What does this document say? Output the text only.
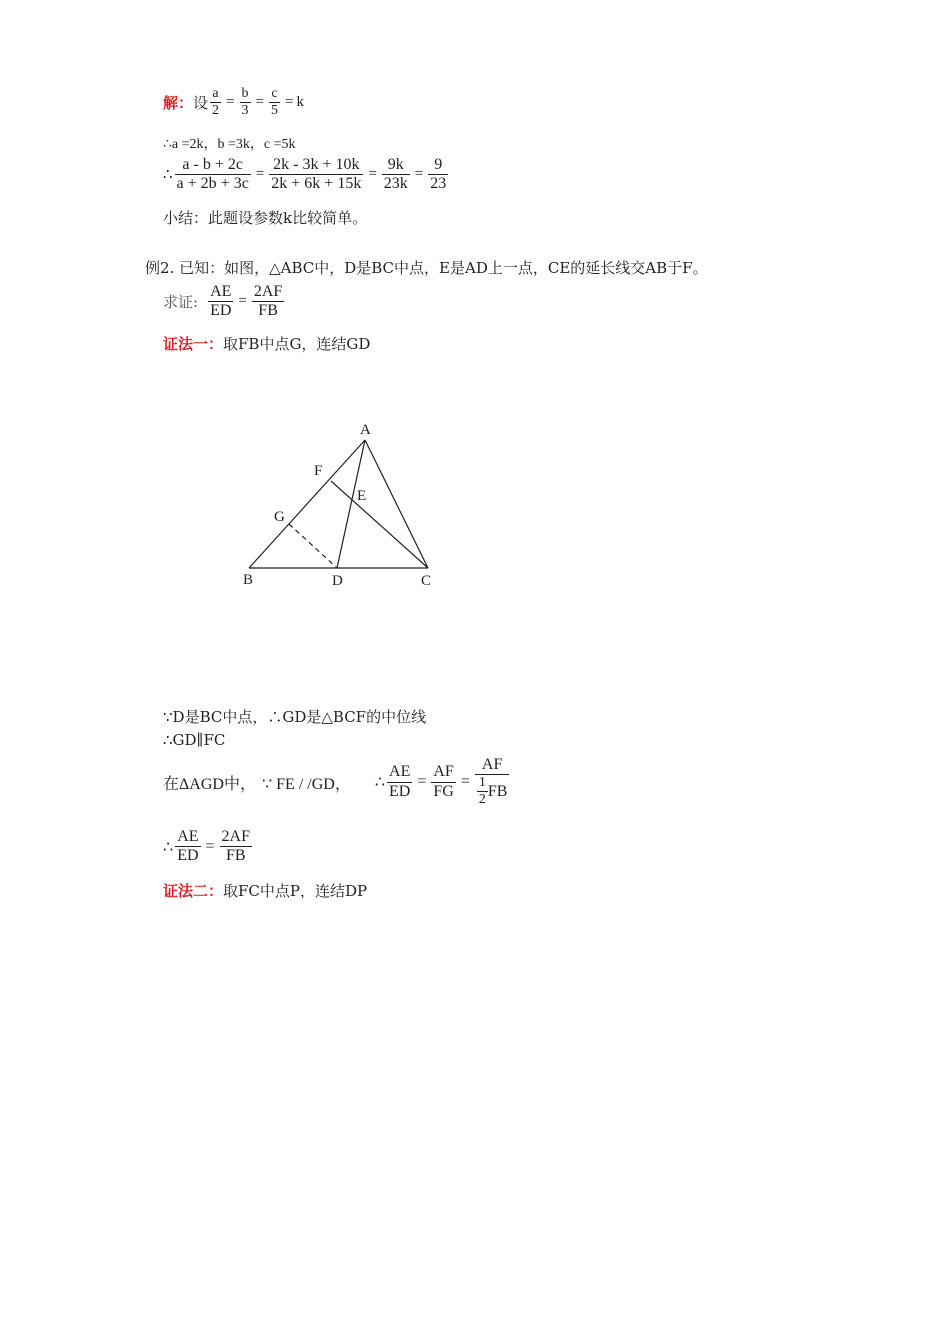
解： 设 $\frac{a}{2} = \frac{b}{3} = \frac{c}{5} = k$
∴a =2k，b =3k，c =5k
∴ $\frac{a - b + 2c}{a + 2b + 3c} = \frac{2k - 3k + 10k}{2k + 6k + 15k} = \frac{9k}{23k} = \frac{9}{23}$
小结：此题设参数k比较简单。
例2. 已知：如图，△ABC中，D是BC中点，E是AD上一点，CE的延长线交AB于F。
求证: $\frac{AE}{ED} = \frac{2AF}{FB}$
证法一： 取FB中点G，连结GD
A
B	C
D
E
F
G
∵D是BC中点，∴GD是△BCF的中位线
∴GD∥FC
在ΔAGD中， ∵ FE / /GD， ∴ $\frac{AE}{ED} = \frac{AF}{FG} = \frac{AF}{\frac{1}{2} FB}$
∴ $\frac{AE}{ED} = \frac{2AF}{FB}$
证法二： 取FC中点P，连结DP
